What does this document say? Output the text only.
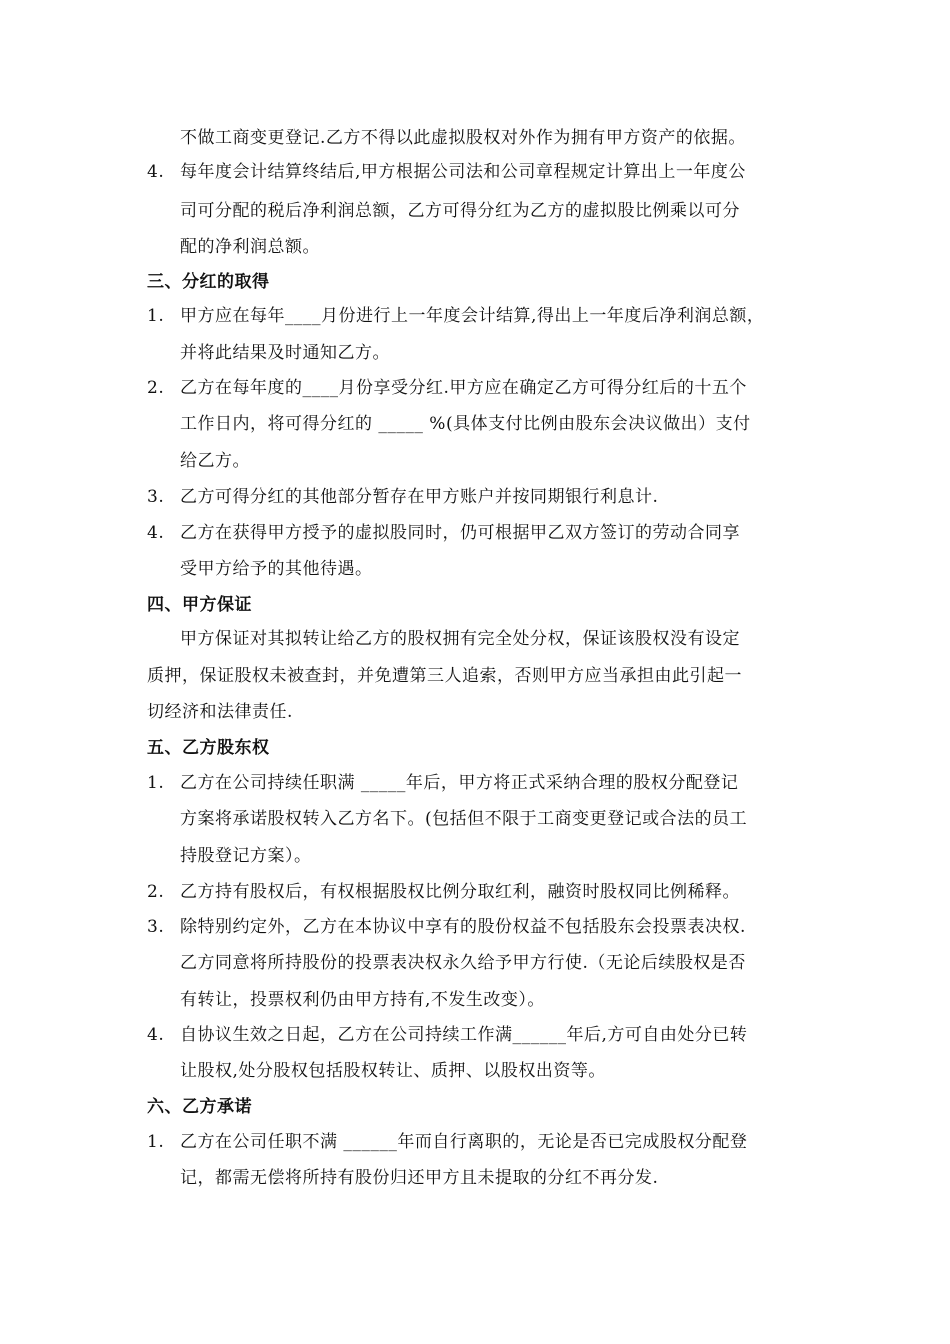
不做工商变更登记.乙方不得以此虚拟股权对外作为拥有甲方资产的依据。
4. 每年度会计结算终结后,甲方根据公司法和公司章程规定计算出上一年度公
司可分配的税后净利润总额，乙方可得分红为乙方的虚拟股比例乘以可分
配的净利润总额。
三、分红的取得
1. 甲方应在每年____月份进行上一年度会计结算,得出上一年度后净利润总额，
并将此结果及时通知乙方。
2. 乙方在每年度的____月份享受分红.甲方应在确定乙方可得分红后的十五个
工作日内，将可得分红的 _____ %(具体支付比例由股东会决议做出）支付
给乙方。
3. 乙方可得分红的其他部分暂存在甲方账户并按同期银行利息计.
4. 乙方在获得甲方授予的虚拟股同时，仍可根据甲乙双方签订的劳动合同享
受甲方给予的其他待遇。
四、甲方保证
甲方保证对其拟转让给乙方的股权拥有完全处分权，保证该股权没有设定
质押，保证股权未被查封，并免遭第三人追索，否则甲方应当承担由此引起一
切经济和法律责任.
五、乙方股东权
1. 乙方在公司持续任职满 _____年后，甲方将正式采纳合理的股权分配登记
方案将承诺股权转入乙方名下。(包括但不限于工商变更登记或合法的员工
持股登记方案）。
2. 乙方持有股权后，有权根据股权比例分取红利，融资时股权同比例稀释。
3. 除特别约定外，乙方在本协议中享有的股份权益不包括股东会投票表决权.
乙方同意将所持股份的投票表决权永久给予甲方行使.（无论后续股权是否
有转让，投票权利仍由甲方持有,不发生改变）。
4. 自协议生效之日起，乙方在公司持续工作满______年后,方可自由处分已转
让股权,处分股权包括股权转让、质押、以股权出资等。
六、乙方承诺
1. 乙方在公司任职不满 ______年而自行离职的，无论是否已完成股权分配登
记，都需无偿将所持有股份归还甲方且未提取的分红不再分发.
